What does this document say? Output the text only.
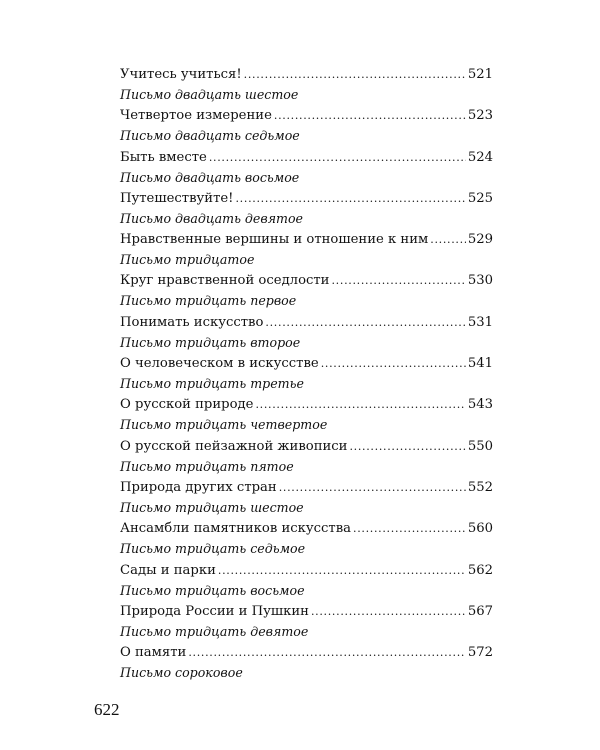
Учитесь учиться! . . .	521
Письмо двадцать шестое
Четвертое измерение . . .	523
Письмо двадцать седьмое
Быть вместе . . .	524
Письмо двадцать восьмое
Путешествуйте! . . .	525
Письмо двадцать девятое
Нравственные вершины и отношение к ним . . .	529
Письмо тридцатое
Круг нравственной оседлости . . .	530
Письмо тридцать первое
Понимать искусство . . .	531
Письмо тридцать второе
О человеческом в искусстве . . .	541
Письмо тридцать третье
О русской природе . . .	543
Письмо тридцать четвертое
О русской пейзажной живописи . . .	550
Письмо тридцать пятое
Природа других стран . . .	552
Письмо тридцать шестое
Ансамбли памятников искусства . . .	560
Письмо тридцать седьмое
Сады и парки . . .	562
Письмо тридцать восьмое
Природа России и Пушкин . . .	567
Письмо тридцать девятое
О памяти . . .	572
Письмо сороковое
622
